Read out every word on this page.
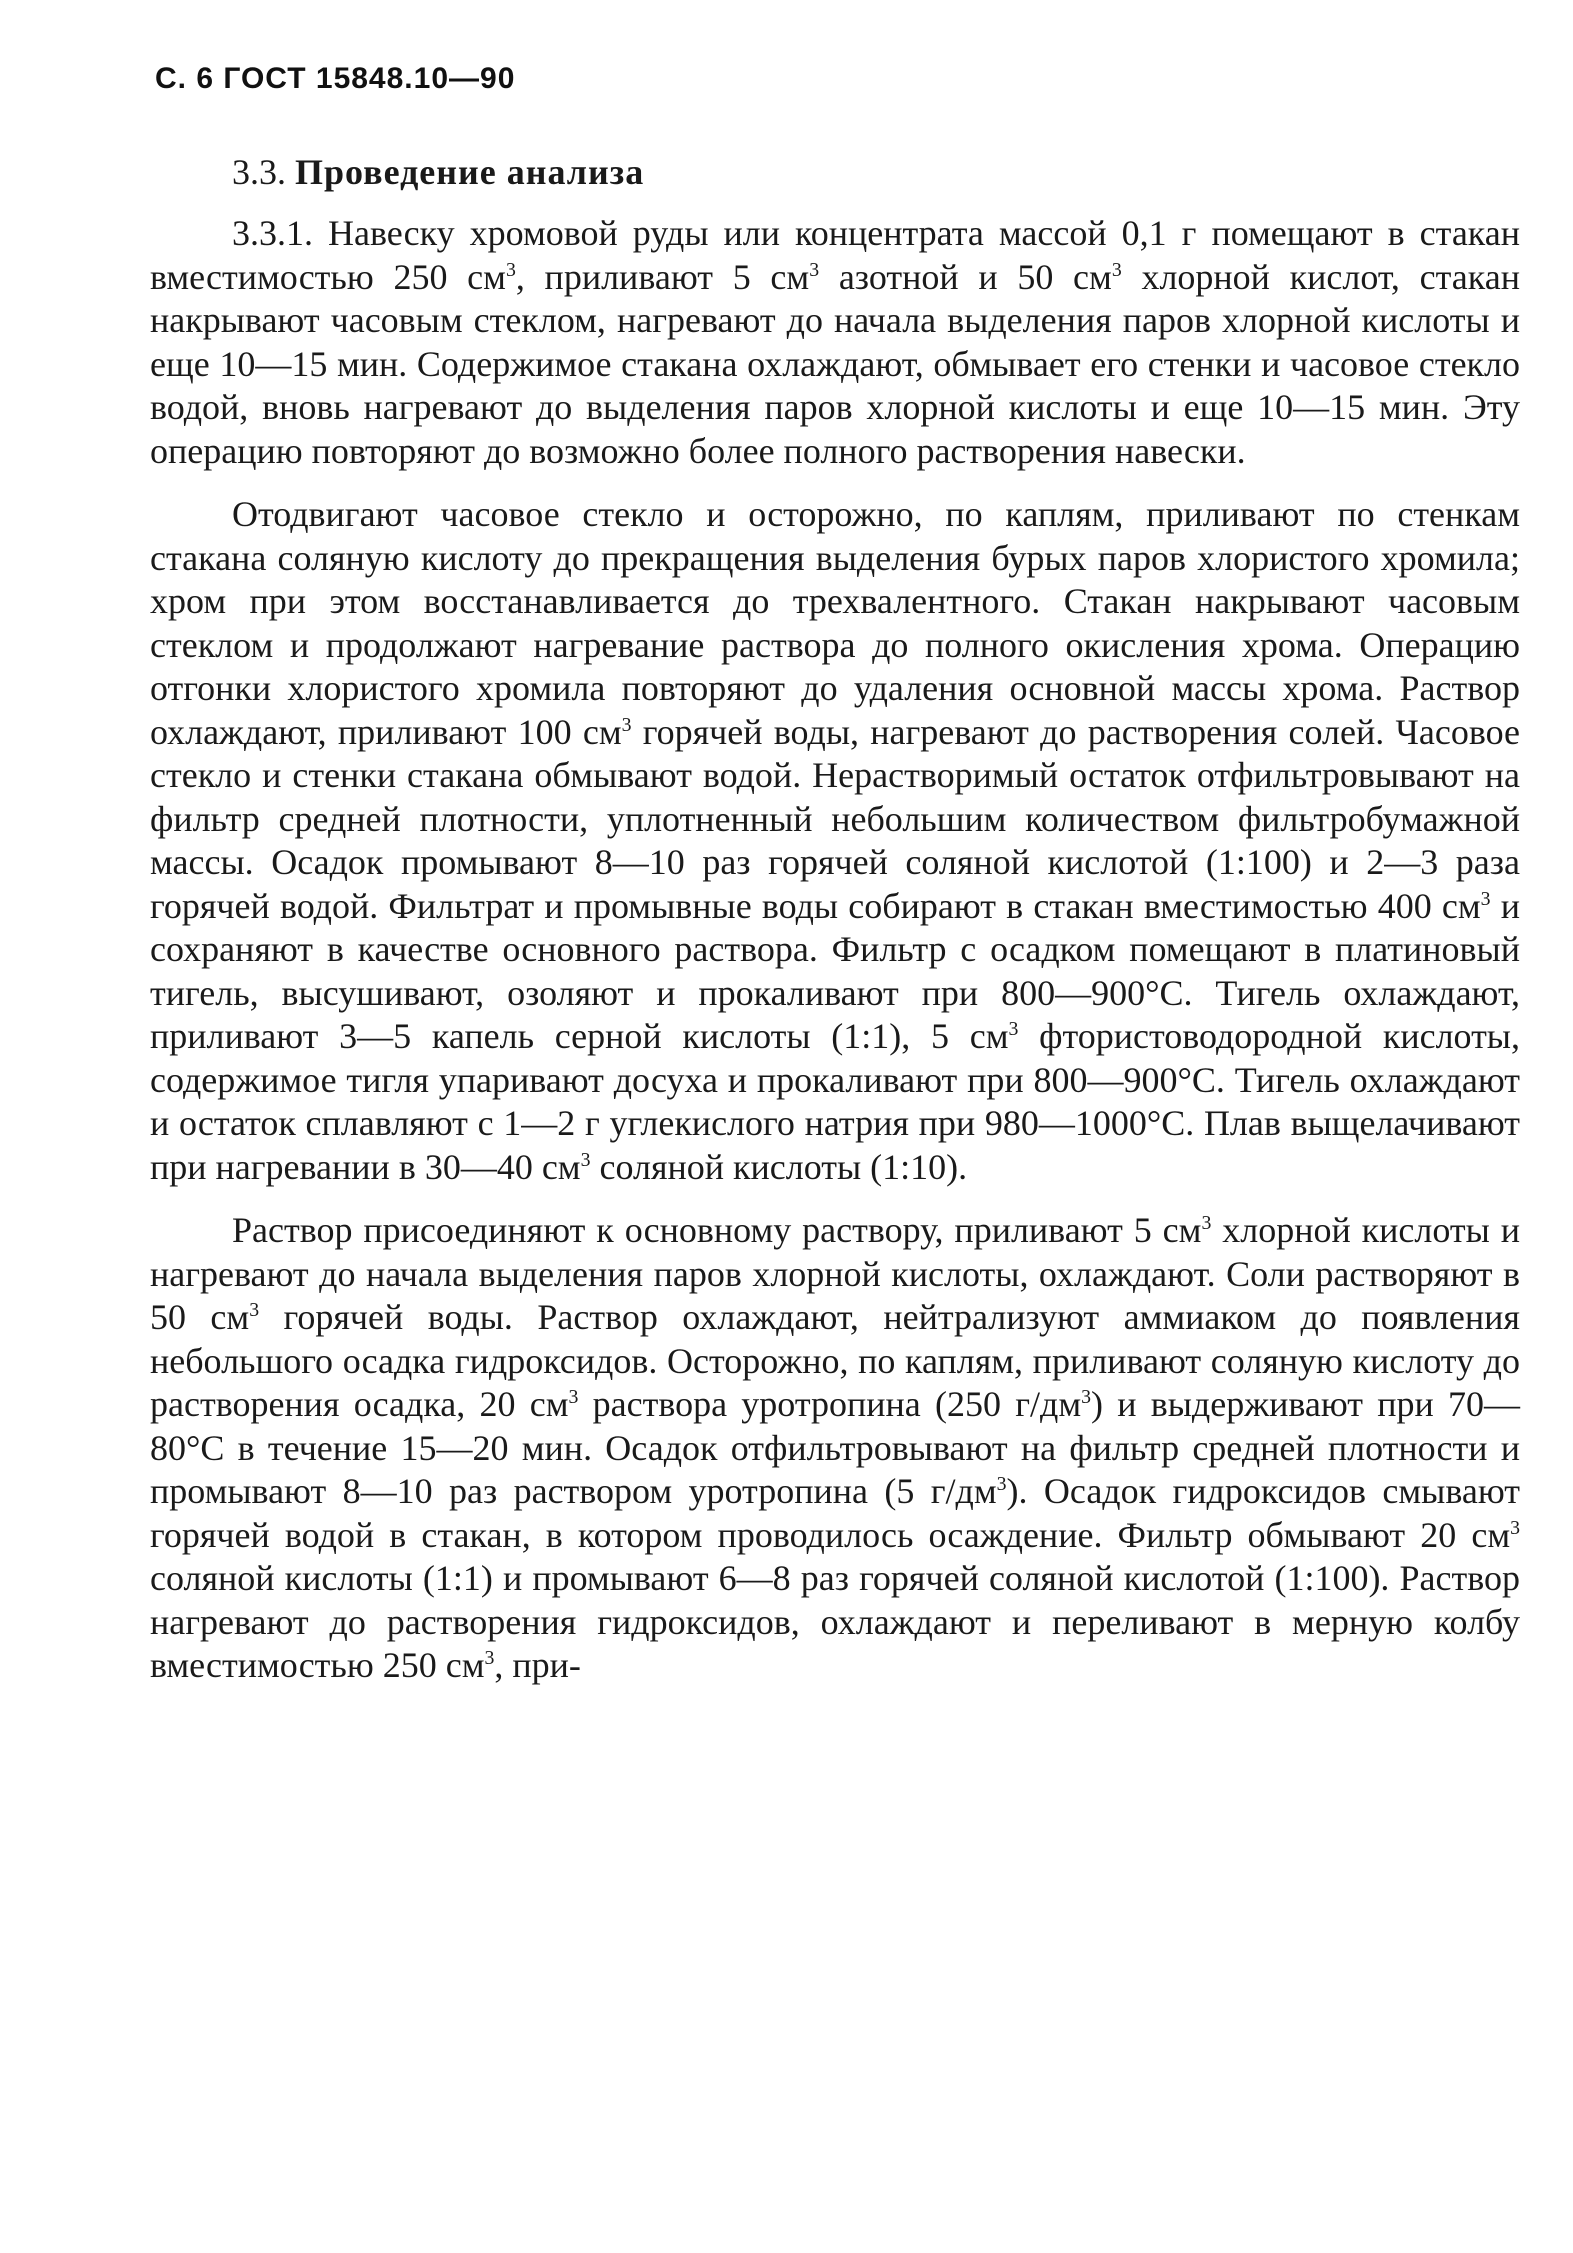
С. 6 ГОСТ 15848.10—90
3.3. Проведение анализа

3.3.1. Навеску хромовой руды или концентрата массой 0,1 г помещают в стакан вместимостью 250 $см^3$, приливают 5 $см^3$ азотной и 50 $см^3$ хлорной кислот, стакан накрывают часовым стеклом, нагревают до начала выделения паров хлорной кислоты и еще 10—15 мин. Содержимое стакана охлаждают, обмывает его стенки и часовое стекло водой, вновь нагревают до выделения паров хлорной кислоты и еще 10—15 мин. Эту операцию повторяют до возможно более полного растворения навески.

Отодвигают часовое стекло и осторожно, по каплям, приливают по стенкам стакана соляную кислоту до прекращения выделения бурых паров хлористого хромила; хром при этом восстанавливается до трехвалентного. Стакан накрывают часовым стеклом и продолжают нагревание раствора до полного окисления хрома. Операцию отгонки хлористого хромила повторяют до удаления основной массы хрома. Раствор охлаждают, приливают 100 $см^3$ горячей воды, нагревают до растворения солей. Часовое стекло и стенки стакана обмывают водой. Нерастворимый остаток отфильтровывают на фильтр средней плотности, уплотненный небольшим количеством фильтробумажной массы. Осадок промывают 8—10 раз горячей соляной кислотой (1:100) и 2—3 раза горячей водой. Фильтрат и промывные воды собирают в стакан вместимостью 400 $см^3$ и сохраняют в качестве основного раствора. Фильтр с осадком помещают в платиновый тигель, высушивают, озоляют и прокаливают при 800—900°С. Тигель охлаждают, приливают 3—5 капель серной кислоты (1:1), 5 $см^3$ фтористоводородной кислоты, содержимое тигля упаривают досуха и прокаливают при 800—900°С. Тигель охлаждают и остаток сплавляют с 1—2 г углекислого натрия при 980—1000°С. Плав выщелачивают при нагревании в 30—40 $см^3$ соляной кислоты (1:10).

Раствор присоединяют к основному раствору, приливают 5 $см^3$ хлорной кислоты и нагревают до начала выделения паров хлорной кислоты, охлаждают. Соли растворяют в 50 $см^3$ горячей воды. Раствор охлаждают, нейтрализуют аммиаком до появления небольшого осадка гидроксидов. Осторожно, по каплям, приливают соляную кислоту до растворения осадка, 20 $см^3$ раствора уротропина (250 $г/дм^3$) и выдерживают при 70—80°С в течение 15—20 мин. Осадок отфильтровывают на фильтр средней плотности и промывают 8—10 раз раствором уротропина (5 $г/дм^3$). Осадок гидроксидов смывают горячей водой в стакан, в котором проводилось осаждение. Фильтр обмывают 20 $см^3$ соляной кислоты (1:1) и промывают 6—8 раз горячей соляной кислотой (1:100). Раствор нагревают до растворения гидроксидов, охлаждают и переливают в мерную колбу вместимостью 250 $см^3$, при-
